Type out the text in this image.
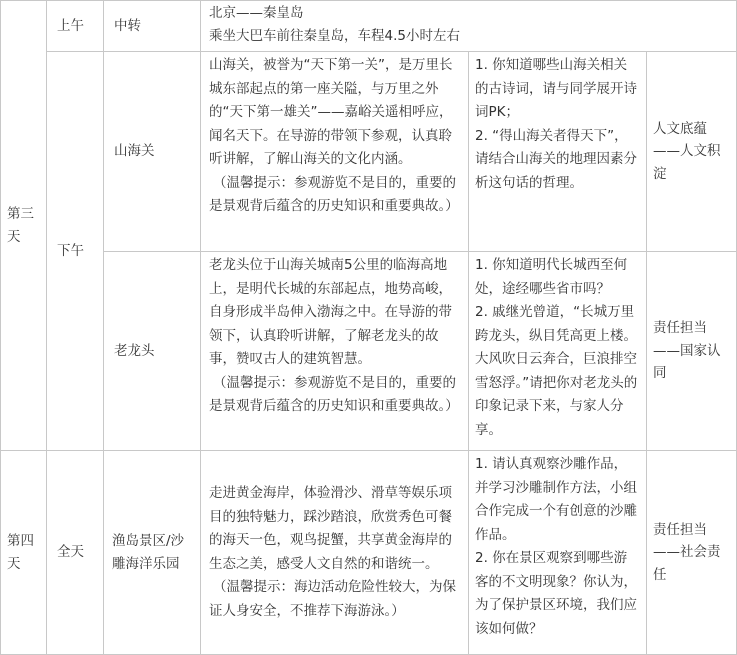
第三天
上午	中转
北京——秦皇岛
乘坐大巴车前往秦皇岛，车程4.5小时左右
下午
山海关
山海关，被誉为“天下第一关”，是万里长城东部起点的第一座关隘，与万里之外的“天下第一雄关”——嘉峪关遥相呼应，闻名天下。在导游的带领下参观，认真聆听讲解，了解山海关的文化内涵。
（温馨提示：参观游览不是目的，重要的是景观背后蕴含的历史知识和重要典故。）
1. 你知道哪些山海关相关的古诗词，请与同学展开诗词PK；
2. “得山海关者得天下”，请结合山海关的地理因素分析这句话的哲理。
人文底蕴——人文积淀
老龙头
老龙头位于山海关城南5公里的临海高地上，是明代长城的东部起点，地势高峻，自身形成半岛伸入渤海之中。在导游的带领下，认真聆听讲解，了解老龙头的故事，赞叹古人的建筑智慧。
（温馨提示：参观游览不是目的，重要的是景观背后蕴含的历史知识和重要典故。）
1. 你知道明代长城西至何处，途经哪些省市吗？
2. 戚继光曾道，“长城万里跨龙头，纵目凭高更上楼。大风吹日云奔合，巨浪排空雪怒浮。”请把你对老龙头的印象记录下来，与家人分享。
责任担当——国家认同
第四天
全天
渔岛景区/沙雕海洋乐园
走进黄金海岸，体验滑沙、滑草等娱乐项目的独特魅力，踩沙踏浪，欣赏秀色可餐的海天一色，观鸟捉蟹，共享黄金海岸的生态之美，感受人文自然的和谐统一。
（温馨提示：海边活动危险性较大，为保证人身安全，不推荐下海游泳。）
1. 请认真观察沙雕作品，并学习沙雕制作方法，小组合作完成一个有创意的沙雕作品。
2. 你在景区观察到哪些游客的不文明现象？你认为，为了保护景区环境，我们应该如何做？
责任担当——社会责任
